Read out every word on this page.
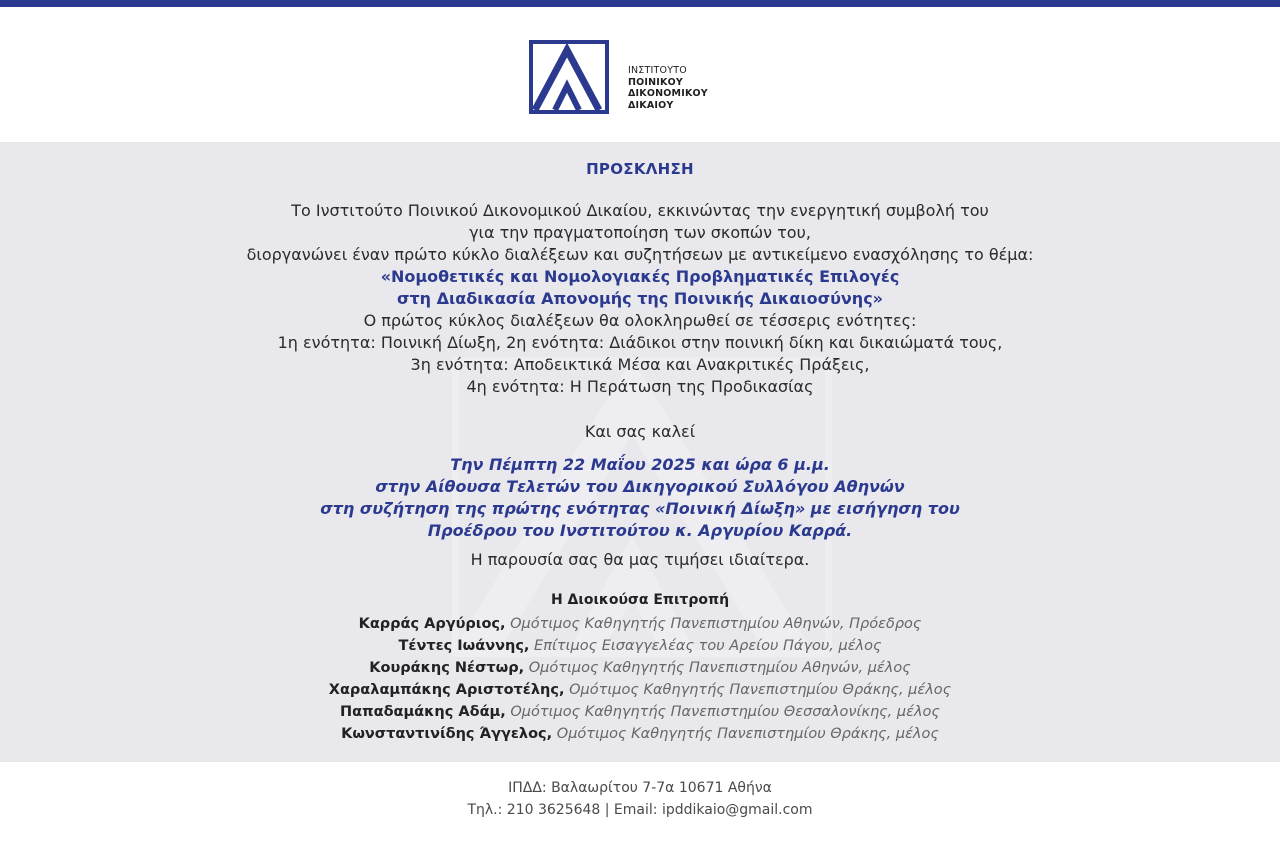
ΙΝΣΤΙΤΟΥΤΟ
ΠΟΙΝΙΚΟΥ
ΔΙΚΟΝΟΜΙΚΟΥ
ΔΙΚΑΙΟΥ
ΠΡΟΣΚΛΗΣΗ
Το Ινστιτούτο Ποινικού Δικονομικού Δικαίου, εκκινώντας την ενεργητική συμβολή του
για την πραγματοποίηση των σκοπών του,
διοργανώνει έναν πρώτο κύκλο διαλέξεων και συζητήσεων με αντικείμενο ενασχόλησης το θέμα:
«Νομοθετικές και Νομολογιακές Προβληματικές Επιλογές
στη Διαδικασία Απονομής της Ποινικής Δικαιοσύνης»
Ο πρώτος κύκλος διαλέξεων θα ολοκληρωθεί σε τέσσερις ενότητες:
1η ενότητα: Ποινική Δίωξη, 2η ενότητα: Διάδικοι στην ποινική δίκη και δικαιώματά τους,
3η ενότητα: Αποδεικτικά Μέσα και Ανακριτικές Πράξεις,
4η ενότητα: Η Περάτωση της Προδικασίας
Και σας καλεί
Την Πέμπτη 22 Μαΐου 2025 και ώρα 6 μ.μ.
στην Αίθουσα Τελετών του Δικηγορικού Συλλόγου Αθηνών
στη συζήτηση της πρώτης ενότητας «Ποινική Δίωξη» με εισήγηση του
Προέδρου του Ινστιτούτου κ. Αργυρίου Καρρά.
Η παρουσία σας θα μας τιμήσει ιδιαίτερα.
Η Διοικούσα Επιτροπή
Καρράς Αργύριος, Ομότιμος Καθηγητής Πανεπιστημίου Αθηνών, Πρόεδρος
Τέντες Ιωάννης, Επίτιμος Εισαγγελέας του Αρείου Πάγου, μέλος
Κουράκης Νέστωρ, Ομότιμος Καθηγητής Πανεπιστημίου Αθηνών, μέλος
Χαραλαμπάκης Αριστοτέλης, Ομότιμος Καθηγητής Πανεπιστημίου Θράκης, μέλος
Παπαδαμάκης Αδάμ, Ομότιμος Καθηγητής Πανεπιστημίου Θεσσαλονίκης, μέλος
Κωνσταντινίδης Άγγελος, Ομότιμος Καθηγητής Πανεπιστημίου Θράκης, μέλος
ΙΠΔΔ: Βαλαωρίτου 7-7α 10671 Αθήνα
Τηλ.: 210 3625648 | Email: ipddikaio@gmail.com
